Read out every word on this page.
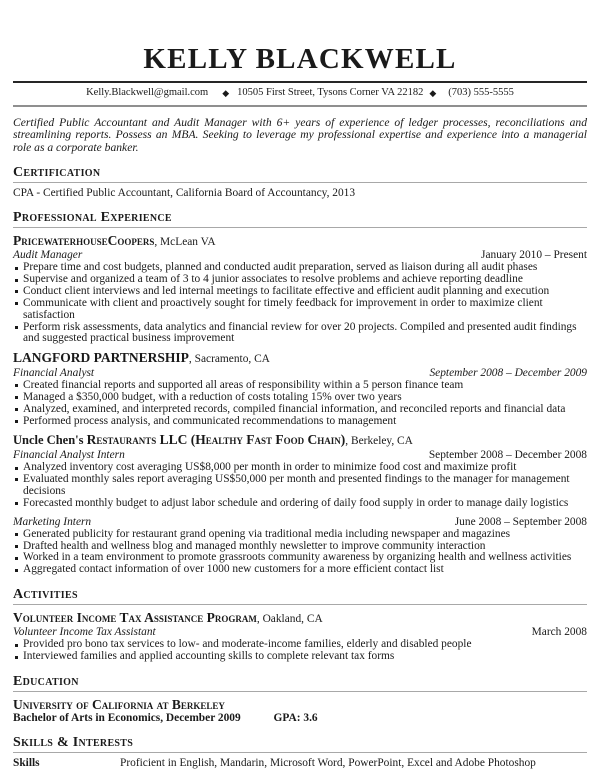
KELLY BLACKWELL
Kelly.Blackwell@gmail.com ◆ 10505 First Street, Tysons Corner VA 22182 ◆ (703) 555-5555

Certified Public Accountant and Audit Manager with 6+ years of experience of ledger processes, reconciliations and streamlining reports. Possess an MBA. Seeking to leverage my professional expertise and experience into a managerial role as a corporate banker.

Certification

CPA - Certified Public Accountant, California Board of Accountancy, 2013

Professional Experience
PricewaterhouseCoopers, McLean VA
Audit Manager	January 2010 – Present
Prepare time and cost budgets, planned and conducted audit preparation, served as liaison during all audit phases
Supervise and organized a team of 3 to 4 junior associates to resolve problems and achieve reporting deadline
Conduct client interviews and led internal meetings to facilitate effective and efficient audit planning and execution
Communicate with client and proactively sought for timely feedback for improvement in order to maximize client satisfaction
Perform risk assessments, data analytics and financial review for over 20 projects. Compiled and presented audit findings and suggested practical business improvement
LANGFORD PARTNERSHIP, Sacramento, CA
Financial Analyst	September 2008 – December 2009
Created financial reports and supported all areas of responsibility within a 5 person finance team
Managed a $350,000 budget, with a reduction of costs totaling 15% over two years
Analyzed, examined, and interpreted records, compiled financial information, and reconciled reports and financial data
Performed process analysis, and communicated recommendations to management
Uncle Chen's Restaurants LLC (Healthy Fast Food Chain), Berkeley, CA
Financial Analyst Intern	September 2008 – December 2008
Analyzed inventory cost averaging US$8,000 per month in order to minimize food cost and maximize profit
Evaluated monthly sales report averaging US$50,000 per month and presented findings to the manager for management decisions
Forecasted monthly budget to adjust labor schedule and ordering of daily food supply in order to manage daily logistics
Marketing Intern	June 2008 – September 2008
Generated publicity for restaurant grand opening via traditional media including newspaper and magazines
Drafted health and wellness blog and managed monthly newsletter to improve community interaction
Worked in a team environment to promote grassroots community awareness by organizing health and wellness activities
Aggregated contact information of over 1000 new customers for a more efficient contact list
Activities
Volunteer Income Tax Assistance Program, Oakland, CA
Volunteer Income Tax Assistant	March 2008
Provided pro bono tax services to low- and moderate-income families, elderly and disabled people
Interviewed families and applied accounting skills to complete relevant tax forms
Education
University of California at Berkeley
Bachelor of Arts in Economics, December 2009	GPA: 3.6
Skills & Interests
Skills	Proficient in English, Mandarin, Microsoft Word, PowerPoint, Excel and Adobe Photoshop
